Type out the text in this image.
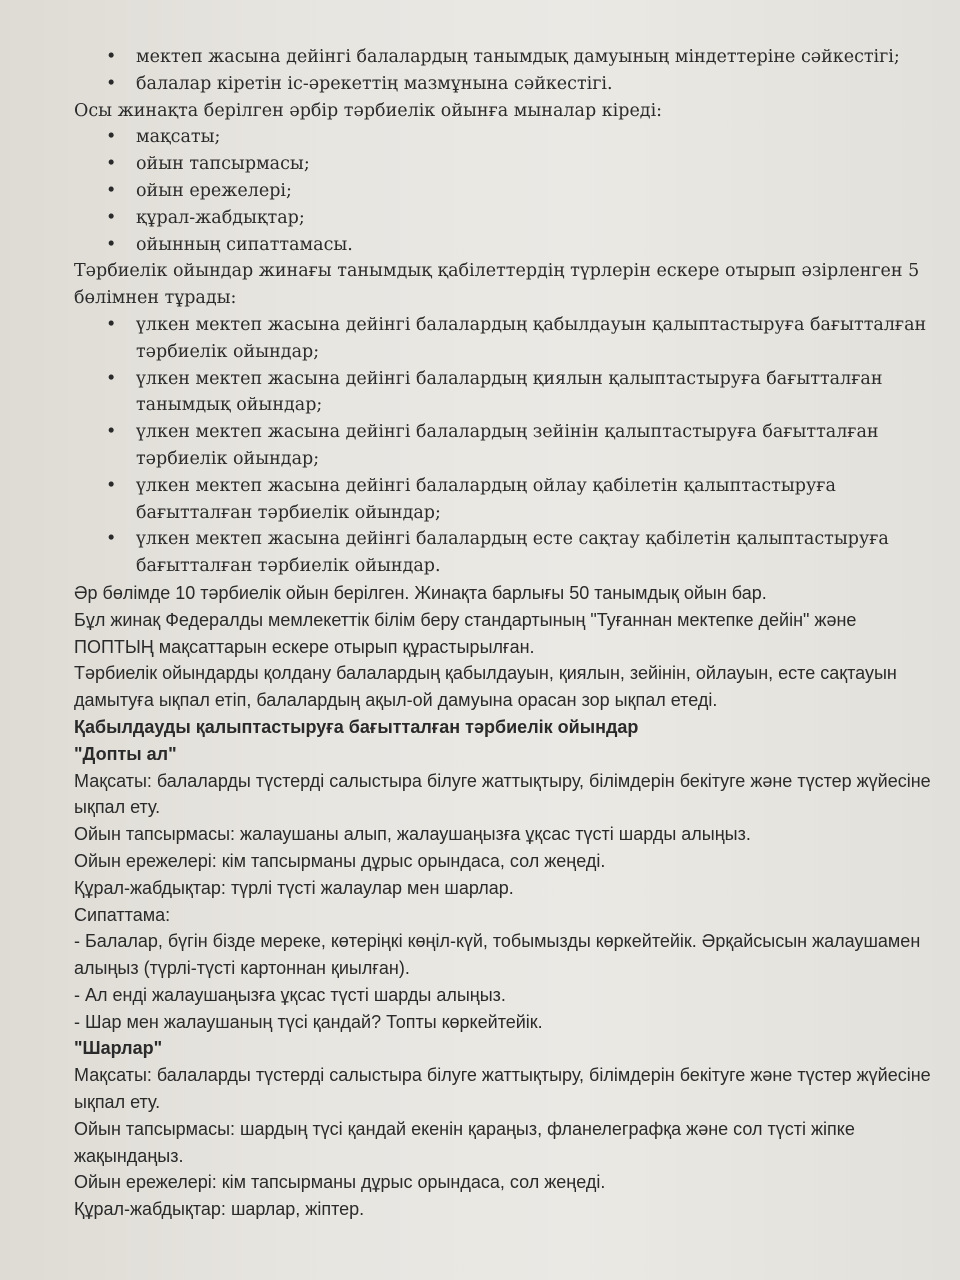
• мектеп жасына дейінгі балалардың танымдық дамуының міндеттеріне сәйкестігі;
• балалар кіретін іс-әрекеттің мазмұнына сәйкестігі.

Осы жинақта берілген әрбір тәрбиелік ойынға мыналар кіреді:

• мақсаты;
• ойын тапсырмасы;
• ойын ережелері;
• құрал-жабдықтар;
• ойынның сипаттамасы.

Тәрбиелік ойындар жинағы танымдық қабілеттердің түрлерін ескере отырып әзірленген 5 бөлімнен тұрады:

• үлкен мектеп жасына дейінгі балалардың қабылдауын қалыптастыруға бағытталған тәрбиелік ойындар;
• үлкен мектеп жасына дейінгі балалардың қиялын қалыптастыруға бағытталған танымдық ойындар;
• үлкен мектеп жасына дейінгі балалардың зейінін қалыптастыруға бағытталған тәрбиелік ойындар;
• үлкен мектеп жасына дейінгі балалардың ойлау қабілетін қалыптастыруға бағытталған тәрбиелік ойындар;
• үлкен мектеп жасына дейінгі балалардың есте сақтау қабілетін қалыптастыруға бағытталған тәрбиелік ойындар.

Әр бөлімде 10 тәрбиелік ойын берілген. Жинақта барлығы 50 танымдық ойын бар.

Бұл жинақ Федералды мемлекеттік білім беру стандартының "Туғаннан мектепке дейін" және ПОПТЫҢ мақсаттарын ескере отырып құрастырылған.

Тәрбиелік ойындарды қолдану балалардың қабылдауын, қиялын, зейінін, ойлауын, есте сақтауын дамытуға ықпал етіп, балалардың ақыл-ой дамуына орасан зор ықпал етеді.

Қабылдауды қалыптастыруға бағытталған тәрбиелік ойындар

"Допты ал"

Мақсаты: балаларды түстерді салыстыра білуге жаттықтыру, білімдерін бекітуге және түстер жүйесіне ықпал ету.

Ойын тапсырмасы: жалаушаны алып, жалаушаңызға ұқсас түсті шарды алыңыз.

Ойын ережелері: кім тапсырманы дұрыс орындаса, сол жеңеді.

Құрал-жабдықтар: түрлі түсті жалаулар мен шарлар.

Сипаттама:

- Балалар, бүгін бізде мереке, көтеріңкі көңіл-күй, тобымызды көркейтейік. Әрқайсысын жалаушамен алыңыз (түрлі-түсті картоннан қиылған).

- Ал енді жалаушаңызға ұқсас түсті шарды алыңыз.

- Шар мен жалаушаның түсі қандай? Топты көркейтейік.

"Шарлар"

Мақсаты: балаларды түстерді салыстыра білуге жаттықтыру, білімдерін бекітуге және түстер жүйесіне ықпал ету.

Ойын тапсырмасы: шардың түсі қандай екенін қараңыз, фланелеграфқа және сол түсті жіпке жақындаңыз.

Ойын ережелері: кім тапсырманы дұрыс орындаса, сол жеңеді.

Құрал-жабдықтар: шарлар, жіптер.
